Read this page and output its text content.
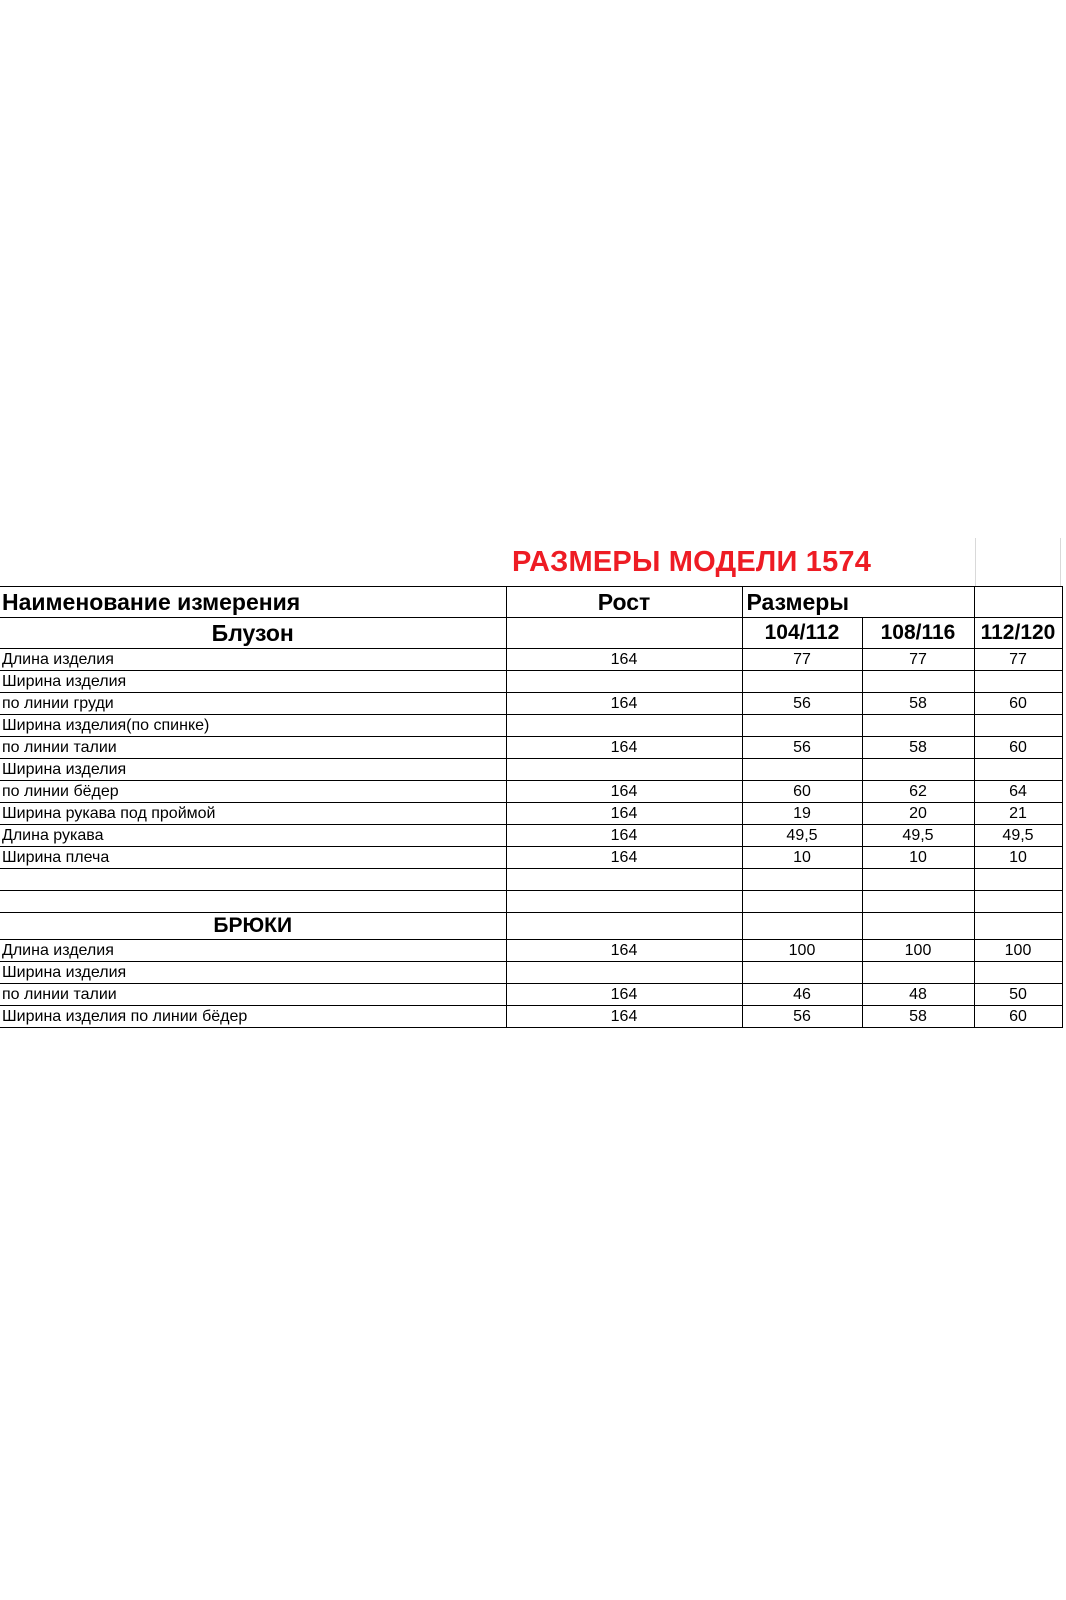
РАЗМЕРЫ МОДЕЛИ 1574
Наименование измерения	Рост	Размеры		
Блузон		104/112	108/116	112/120
Длина изделия	164	77	77	77
Ширина изделия				
по линии груди	164	56	58	60
Ширина изделия(по спинке)				
по линии талии	164	56	58	60
Ширина изделия				
по линии бёдер	164	60	62	64
Ширина рукава под проймой	164	19	20	21
Длина рукава	164	49,5	49,5	49,5
Ширина плеча	164	10	10	10

БРЮКИ				
Длина изделия	164	100	100	100
Ширина изделия				
по линии талии	164	46	48	50
Ширина изделия по линии бёдер	164	56	58	60
